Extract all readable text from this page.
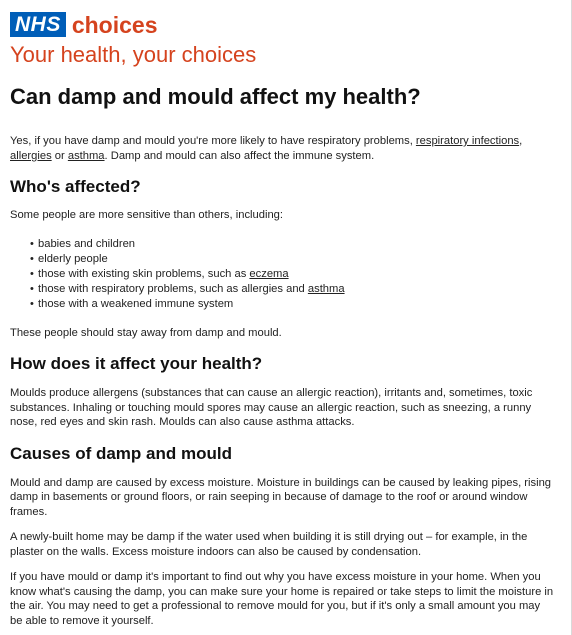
NHS choices
Your health, your choices
Can damp and mould affect my health?

Yes, if you have damp and mould you're more likely to have respiratory problems, respiratory infections, allergies or asthma. Damp and mould can also affect the immune system.

Who's affected?

Some people are more sensitive than others, including:

• babies and children
• elderly people
• those with existing skin problems, such as eczema
• those with respiratory problems, such as allergies and asthma
• those with a weakened immune system

These people should stay away from damp and mould.

How does it affect your health?

Moulds produce allergens (substances that can cause an allergic reaction), irritants and, sometimes, toxic substances. Inhaling or touching mould spores may cause an allergic reaction, such as sneezing, a runny nose, red eyes and skin rash. Moulds can also cause asthma attacks.

Causes of damp and mould

Mould and damp are caused by excess moisture. Moisture in buildings can be caused by leaking pipes, rising damp in basements or ground floors, or rain seeping in because of damage to the roof or around window frames.

A newly-built home may be damp if the water used when building it is still drying out – for example, in the plaster on the walls. Excess moisture indoors can also be caused by condensation.

If you have mould or damp it's important to find out why you have excess moisture in your home. When you know what's causing the damp, you can make sure your home is repaired or take steps to limit the moisture in the air. You may need to get a professional to remove mould for you, but if it's only a small amount you may be able to remove it yourself.
